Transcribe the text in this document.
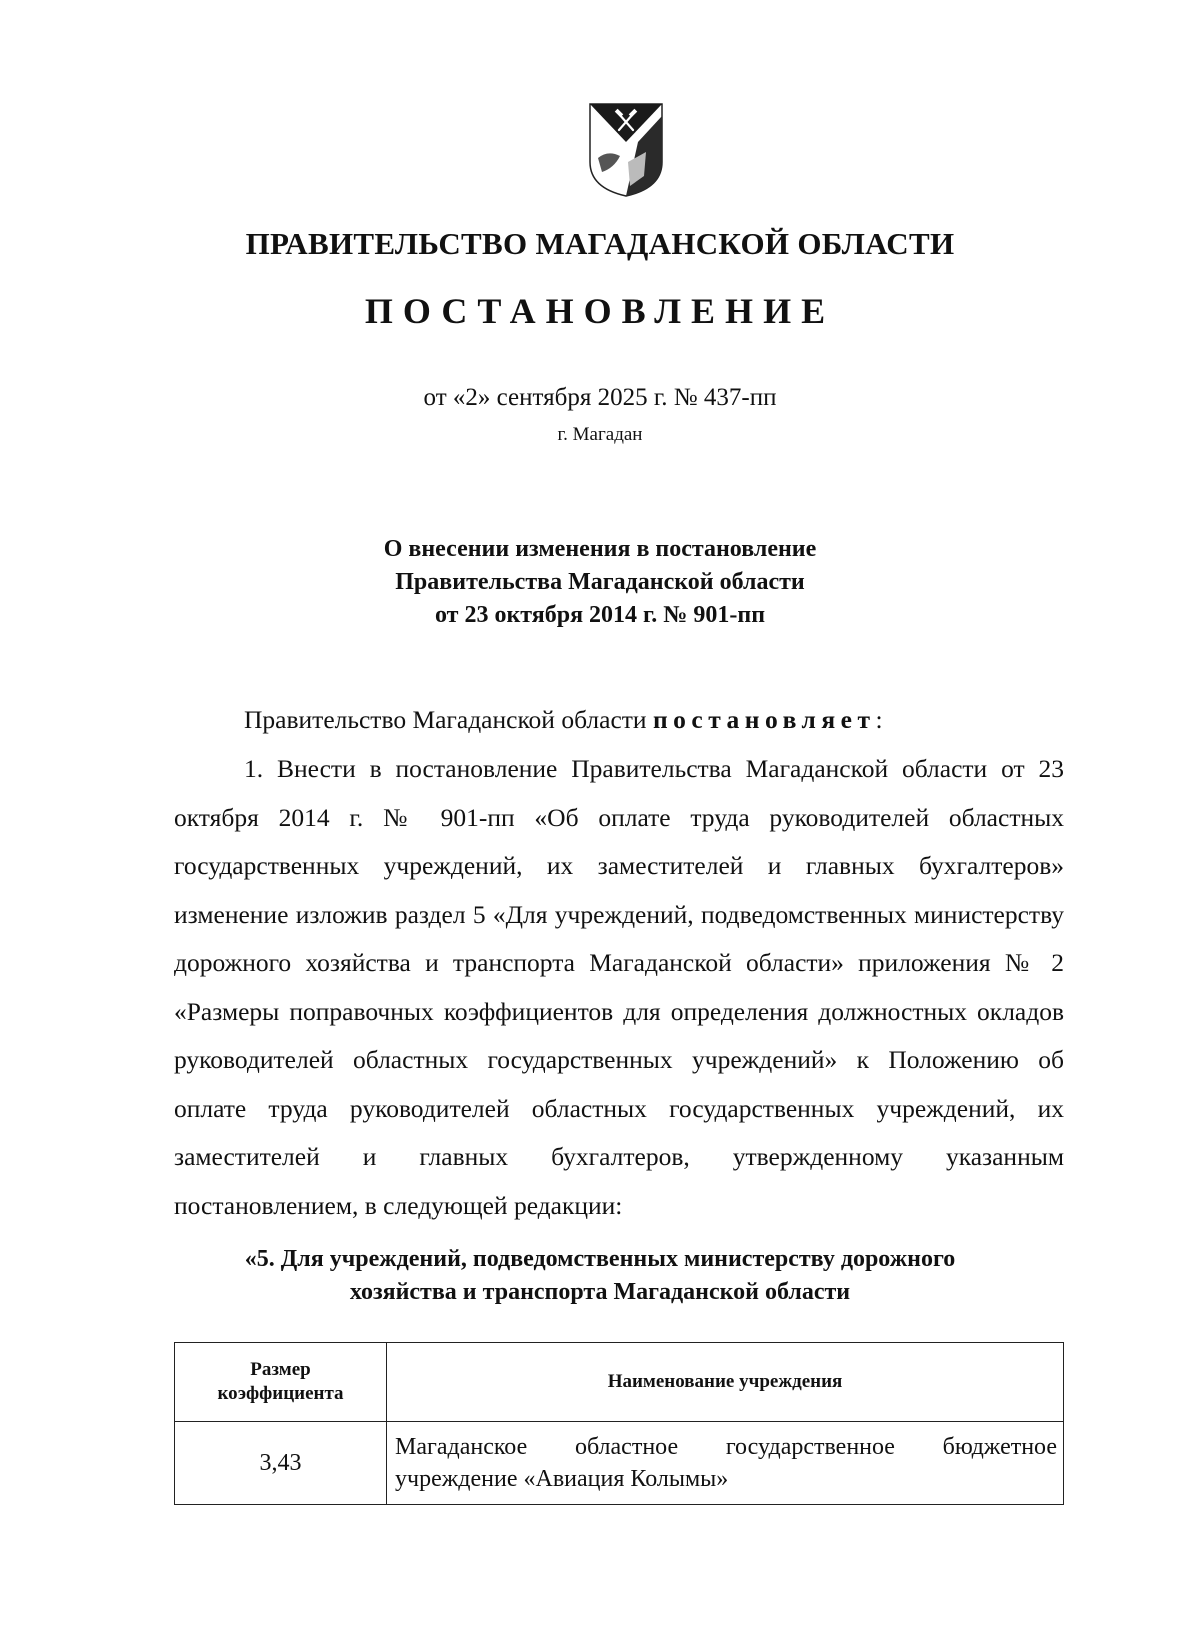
ПРАВИТЕЛЬСТВО МАГАДАНСКОЙ ОБЛАСТИ
ПОСТАНОВЛЕНИЕ
от «2» сентября 2025 г. № 437-пп
г. Магадан
О внесении изменения в постановление
Правительства Магаданской области
от 23 октября 2014 г. № 901-пп
Правительство Магаданской области постановляет:
1. Внести в постановление Правительства Магаданской области от 23 октября 2014 г. № 901-пп «Об оплате труда руководителей областных государственных учреждений, их заместителей и главных бухгалтеров» изменение изложив раздел 5 «Для учреждений, подведомственных министерству дорожного хозяйства и транспорта Магаданской области» приложения № 2 «Размеры поправочных коэффициентов для определения должностных окладов руководителей областных государственных учреждений» к Положению об оплате труда руководителей областных государственных учреждений, их заместителей и главных бухгалтеров, утвержденному указанным постановлением, в следующей редакции:
«5. Для учреждений, подведомственных министерству дорожного
хозяйства и транспорта Магаданской области
Размер
коэффициента	Наименование учреждения
3,43	Магаданское областное государственное бюджетное учреждение «Авиация Колымы»
